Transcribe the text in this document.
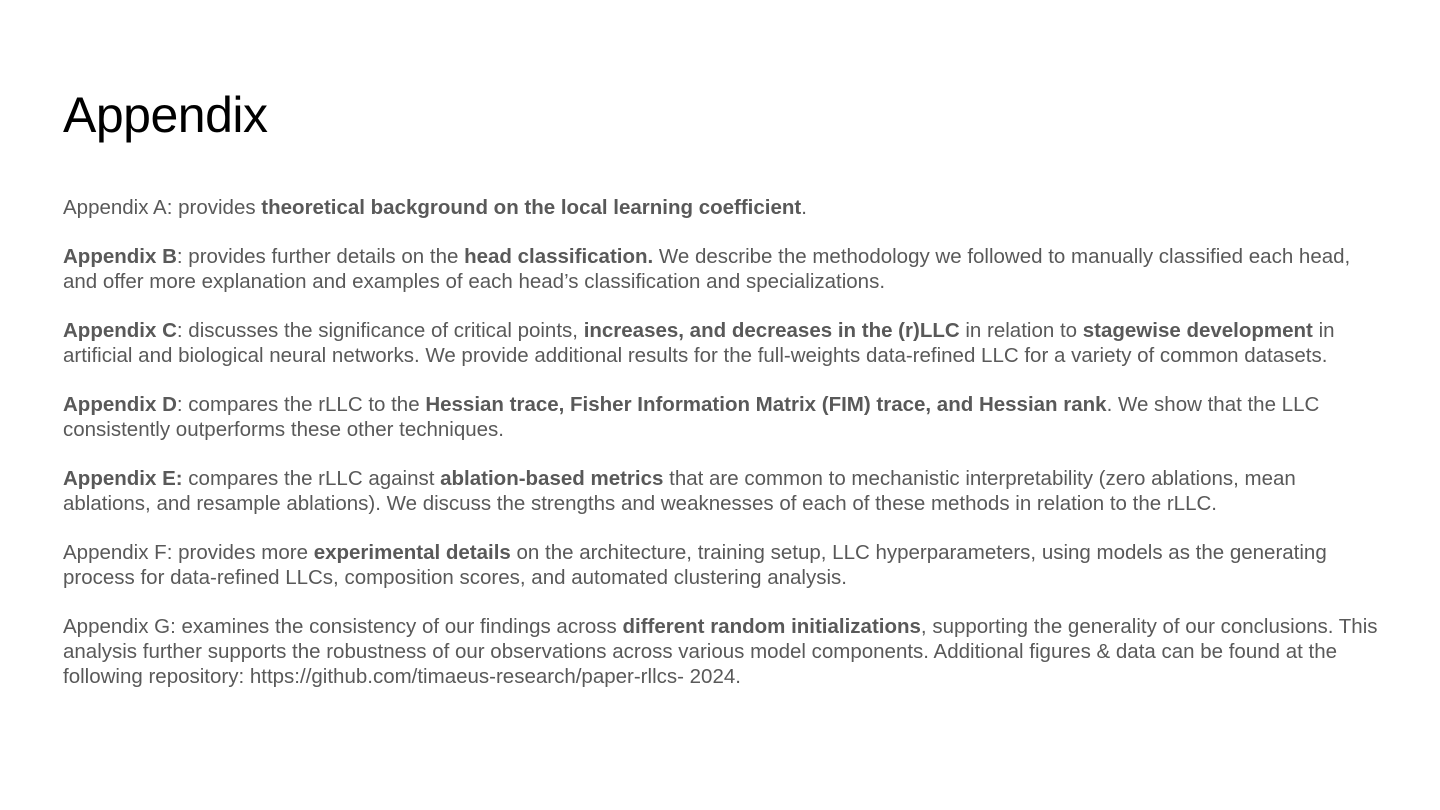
Appendix

Appendix A: provides theoretical background on the local learning coefficient.

Appendix B: provides further details on the head classification. We describe the methodology we followed to manually classified each head, and offer more explanation and examples of each head’s classification and specializations.

Appendix C: discusses the significance of critical points, increases, and decreases in the (r)LLC in relation to stagewise development in artificial and biological neural networks. We provide additional results for the full-weights data-refined LLC for a variety of common datasets.

Appendix D: compares the rLLC to the Hessian trace, Fisher Information Matrix (FIM) trace, and Hessian rank. We show that the LLC consistently outperforms these other techniques.

Appendix E: compares the rLLC against ablation-based metrics that are common to mechanistic interpretability (zero ablations, mean ablations, and resample ablations). We discuss the strengths and weaknesses of each of these methods in relation to the rLLC.

Appendix F: provides more experimental details on the architecture, training setup, LLC hyperparameters, using models as the generating process for data-refined LLCs, composition scores, and automated clustering analysis.

Appendix G: examines the consistency of our findings across different random initializations, supporting the generality of our conclusions. This analysis further supports the robustness of our observations across various model components. Additional figures & data can be found at the following repository: https://github.com/timaeus-research/paper-rllcs- 2024.
